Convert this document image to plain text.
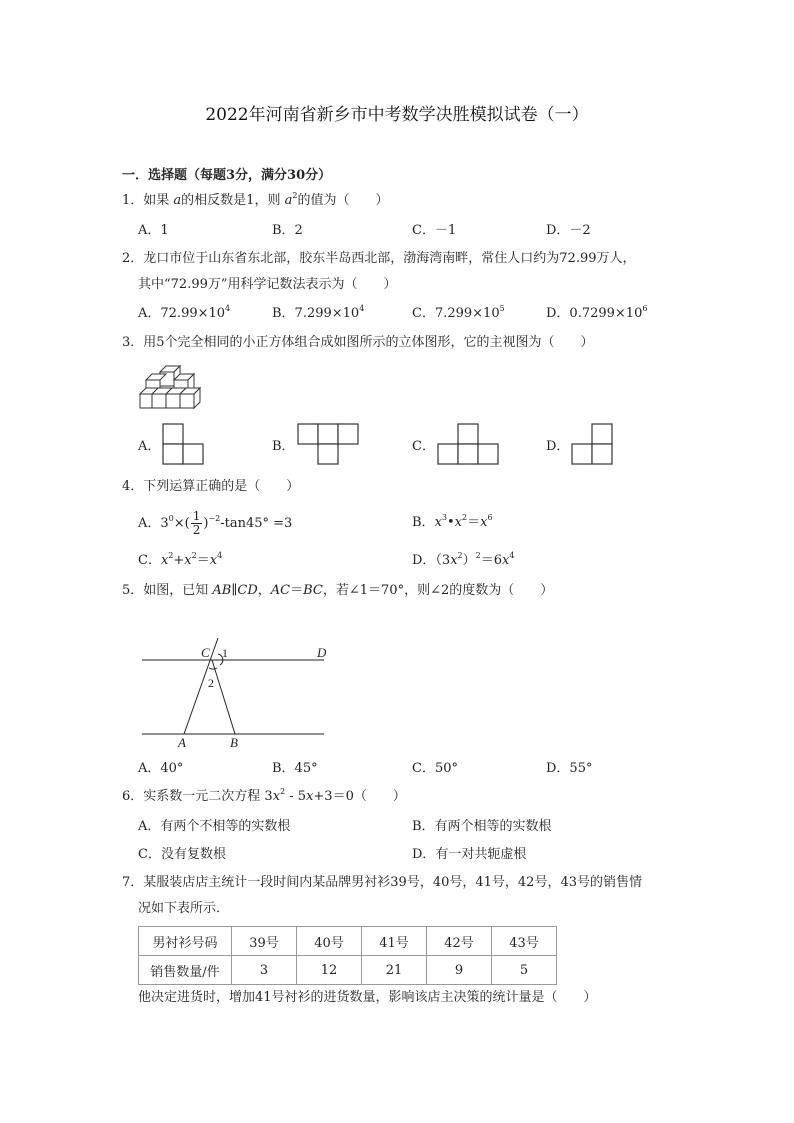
2022年河南省新乡市中考数学决胜模拟试卷（一）
一．选择题（每题3分，满分30分）
1．如果 a的相反数是1，则 $a^2$的值为（　　）
A．1	B．2	C．－1	D．－2
2．龙口市位于山东省东北部，胶东半岛西北部，渤海湾南畔，常住人口约为72.99万人，
其中“72.99万”用科学记数法表示为（　　）
A．$72.99\times 10^4$	B．$7.299\times 10^4$	C．$7.299\times 10^5$	D．$0.7299\times 10^6$
3．用5个完全相同的小正方体组合成如图所示的立体图形，它的主视图为（　　）
A．	B．	C．	D．
4．下列运算正确的是（　　）
A．$3^0\times( \frac{1}{2} )^{-2}-\tan 45^\circ =3$	B．$x^3•x^2=x^6$
C．$x^2+x^2=x^4$	D．$(3x^2)^2=6x^4$
5．如图，已知 AB∥CD，AC＝BC，若∠1＝70°，则∠2的度数为（　　）
C 1	D
2
A	B
A．40°	B．45°	C．50°	D．55°
6．实系数一元二次方程 $3x^2 - 5x+3=0$（　　）
A．有两个不相等的实数根	B．有两个相等的实数根
C．没有复数根	D．有一对共轭虚根
7．某服装店店主统计一段时间内某品牌男衬衫39号，40号，41号，42号，43号的销售情
况如下表所示．
男衬衫号码	39号	40号	41号	42号	43号
销售数量/件	3	12	21	9	5
他决定进货时，增加41号衬衫的进货数量，影响该店主决策的统计量是（　　）
